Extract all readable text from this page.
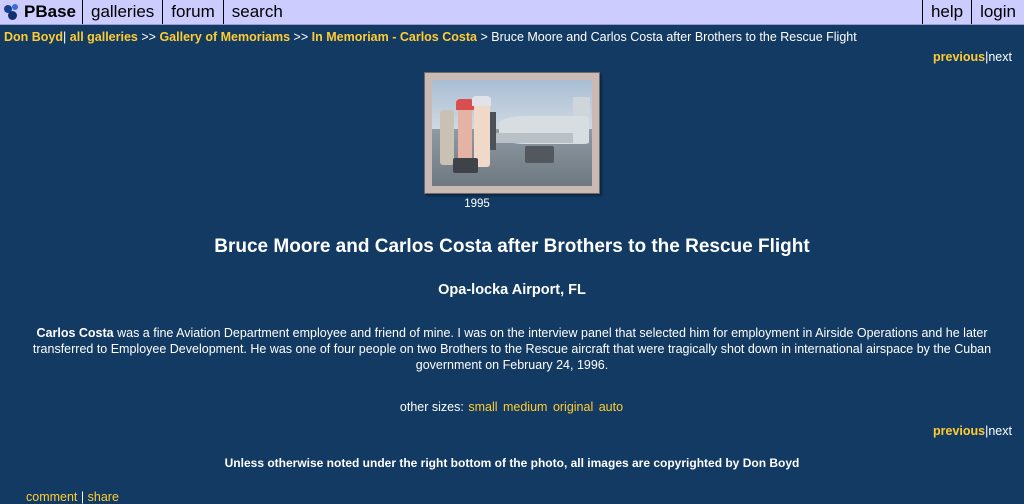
PBase galleries	forum	search	help	login
Don Boyd| all galleries >> Gallery of Memoriams >> In Memoriam - Carlos Costa > Bruce Moore and Carlos Costa after Brothers to the Rescue Flight
previous|next
1995
Bruce Moore and Carlos Costa after Brothers to the Rescue Flight
Opa-locka Airport, FL
Carlos Costa was a fine Aviation Department employee and friend of mine. I was on the interview panel that selected him for employment in Airside Operations and he later transferred to Employee Development. He was one of four people on two Brothers to the Rescue aircraft that were tragically shot down in international airspace by the Cuban government on February 24, 1996.
other sizes: small medium original auto
previous|next
Unless otherwise noted under the right bottom of the photo, all images are copyrighted by Don Boyd
comment | share
